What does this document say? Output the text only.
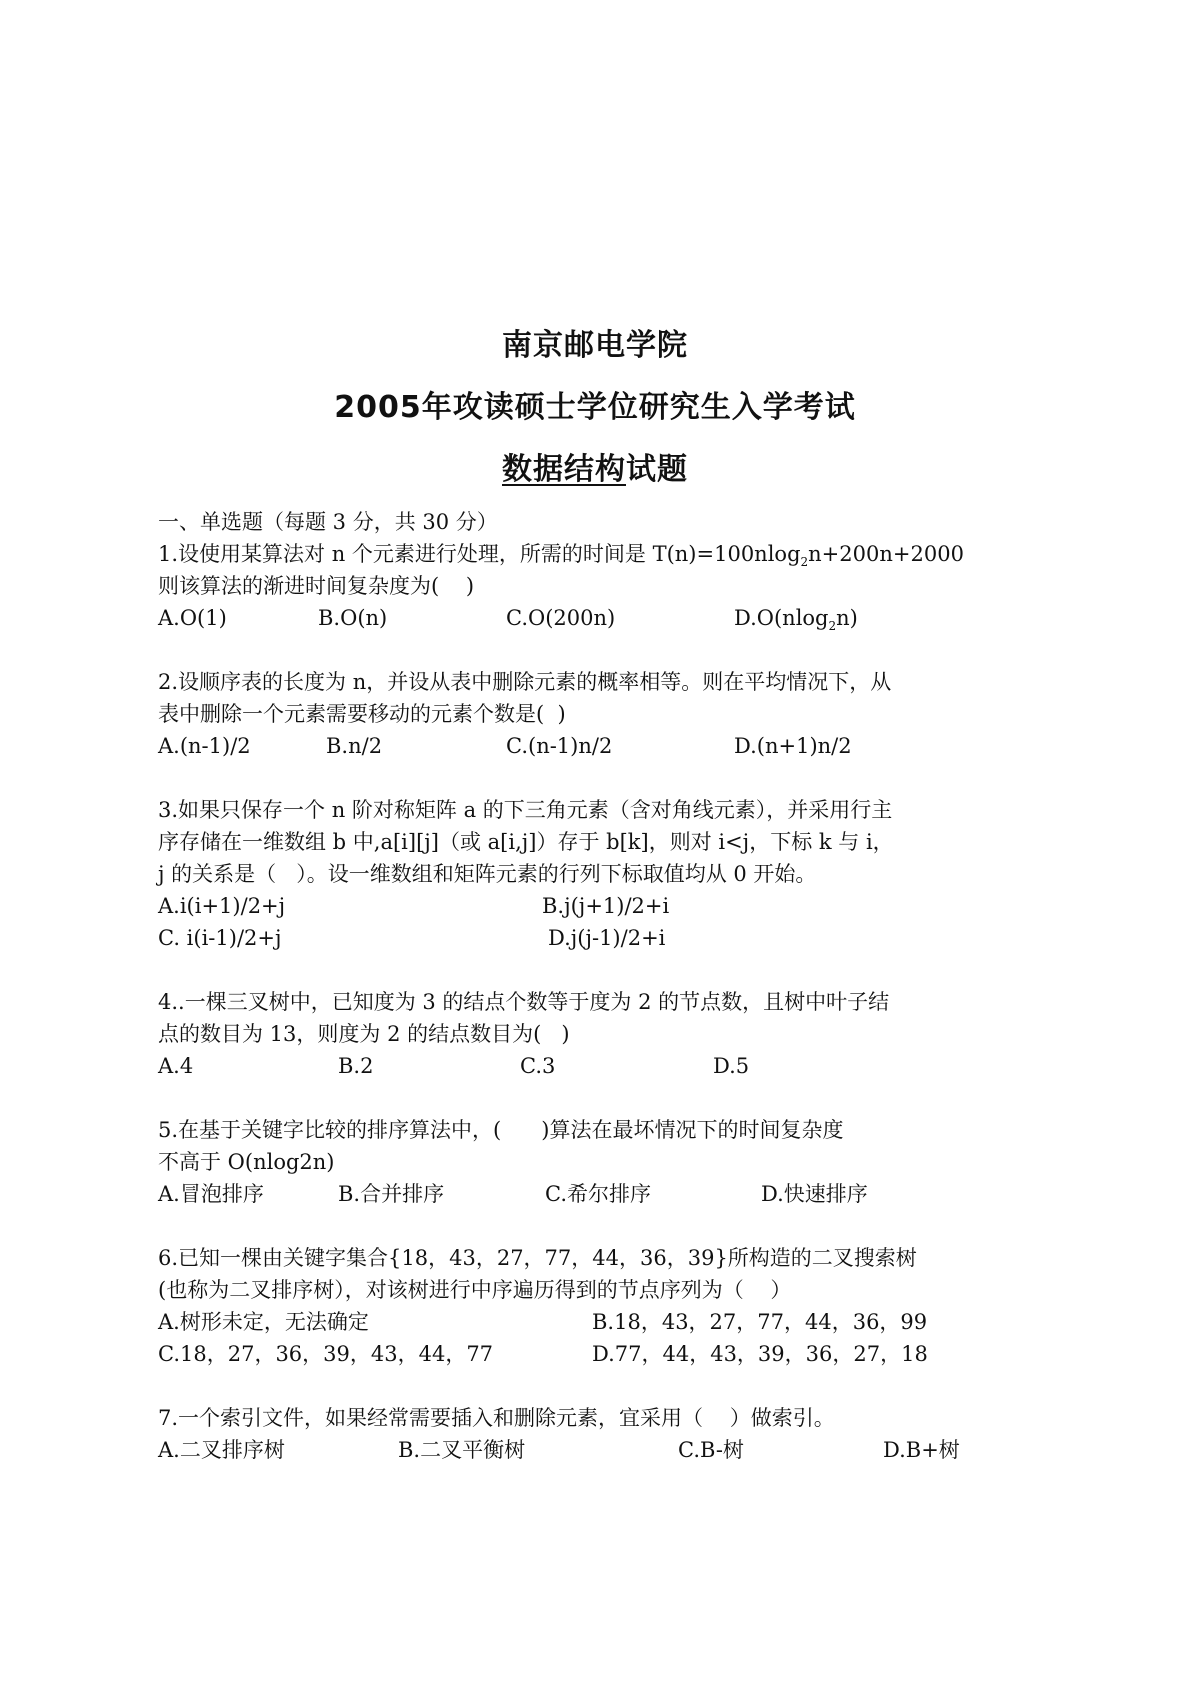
南京邮电学院
2005年攻读硕士学位研究生入学考试
数据结构试题
一、单选题（每题 3 分，共 30 分）
1.设使用某算法对 n 个元素进行处理，所需的时间是 T(n)=100nlog$_2$n+200n+2000
则该算法的渐进时间复杂度为(    )

A.O(1)

	B.O(n)

	C.O(200n)

	D.O(nlog$_2$n)

2.设顺序表的长度为 n，并设从表中删除元素的概率相等。则在平均情况下，从
表中删除一个元素需要移动的元素个数是(  )

A.(n-1)/2

	B.n/2

	C.(n-1)n/2

	D.(n+1)n/2

3.如果只保存一个 n 阶对称矩阵 a 的下三角元素（含对角线元素），并采用行主
序存储在一维数组 b 中,a[i][j]（或 a[i,j]）存于 b[k]，则对 i<j，下标 k 与 i，
j 的关系是（   ）。设一维数组和矩阵元素的行列下标取值均从 0 开始。

A.i(i+1)/2+j

	B.j(j+1)/2+i

C. i(i-1)/2+j

	D.j(j-1)/2+i

4..一棵三叉树中，已知度为 3 的结点个数等于度为 2 的节点数，且树中叶子结
点的数目为 13，则度为 2 的结点数目为(   )

A.4

	B.2

	C.3

	D.5

5.在基于关键字比较的排序算法中，(      )算法在最坏情况下的时间复杂度
不高于 O(nlog2n)

A.冒泡排序

	B.合并排序

	C.希尔排序

	D.快速排序

6.已知一棵由关键字集合{18，43，27，77，44，36，39}所构造的二叉搜索树
(也称为二叉排序树），对该树进行中序遍历得到的节点序列为（    ）

A.树形未定，无法确定

	B.18，43，27，77，44，36，99

C.18，27，36，39，43，44，77

	D.77，44，43，39，36，27，18

7.一个索引文件，如果经常需要插入和删除元素，宜采用（    ）做索引。

A.二叉排序树

	B.二叉平衡树

	C.B-树

	D.B+树
